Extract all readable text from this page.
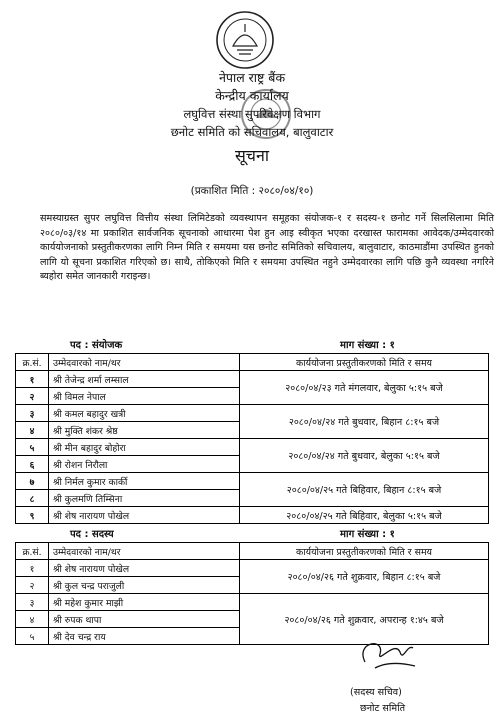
नेपाल राष्ट्र बैंक
केन्द्रीय कार्यालय
लघुवित्त संस्था सुपरिवेक्षण विभाग
छनोट समिति को सचिवालय, बालुवाटार
सूचना
(प्रकाशित मिति : २०८०/०४/१०)
समस्याग्रस्त सुपर लघुवित्त वित्तीय संस्था लिमिटेडको व्यवस्थापन समूहका संयोजक-१ र सदस्य-१ छनोट गर्ने सिलसिलामा मिति २०८०/०३/१४ मा प्रकाशित सार्वजनिक सूचनाको आधारमा पेश हुन आइ स्वीकृत भएका दरखास्त फारामका आवेदक/उम्मेदवारको कार्ययोजनाको प्रस्तुतीकरणका लागि निम्न मिति र समयमा यस छनोट समितिको सचिवालय, बालुवाटार, काठमाडौंमा उपस्थित हुनको लागि यो सूचना प्रकाशित गरिएको छ। साथै, तोकिएको मिति र समयमा उपस्थित नहुने उम्मेदवारका लागि पछि कुनै व्यवस्था नगरिने ब्यहोरा समेत जानकारी गराइन्छ।
पद : संयोजक	माग संख्या : १
क्र.सं.	उम्मेदवारको नाम/थर	कार्ययोजना प्रस्तुतीकरणको मिति र समय
१	श्री तेजेन्द्र शर्मा लम्साल	२०८०/०४/२३ गते मंगलवार, बेलुका ५:१५ बजे
२	श्री विमल नेपाल	
३	श्री कमल बहादुर खत्री	२०८०/०४/२४ गते बुधवार, बिहान ८:१५ बजे
४	श्री मुक्ति शंकर श्रेष्ठ	
५	श्री मीन बहादुर बोहोरा	२०८०/०४/२४ गते बुधवार, बेलुका ५:१५ बजे
६	श्री रोशन निरौला	
७	श्री निर्मल कुमार कार्की	२०८०/०४/२५ गते बिहिवार, बिहान ८:१५ बजे
८	श्री कुलमणि तिम्सिना	
९	श्री शेष नारायण पोखेल	२०८०/०४/२५ गते बिहिवार, बेलुका ५:१५ बजे
पद : सदस्य	माग संख्या : १
क्र.सं.	उम्मेदवारको नाम/थर	कार्ययोजना प्रस्तुतीकरणको मिति र समय
१	श्री शेष नारायण पोखेल	२०८०/०४/२६ गते शुक्रवार, बिहान ८:१५ बजे
२	श्री कुल चन्द्र पराजुली	
३	श्री महेश कुमार माझी	२०८०/०४/२६ गते शुक्रवार, अपरान्ह १:४५ बजे
४	श्री रुपक थापा	
५	श्री देव चन्द्र राय	
(सदस्य सचिव)
छनोट समिति
